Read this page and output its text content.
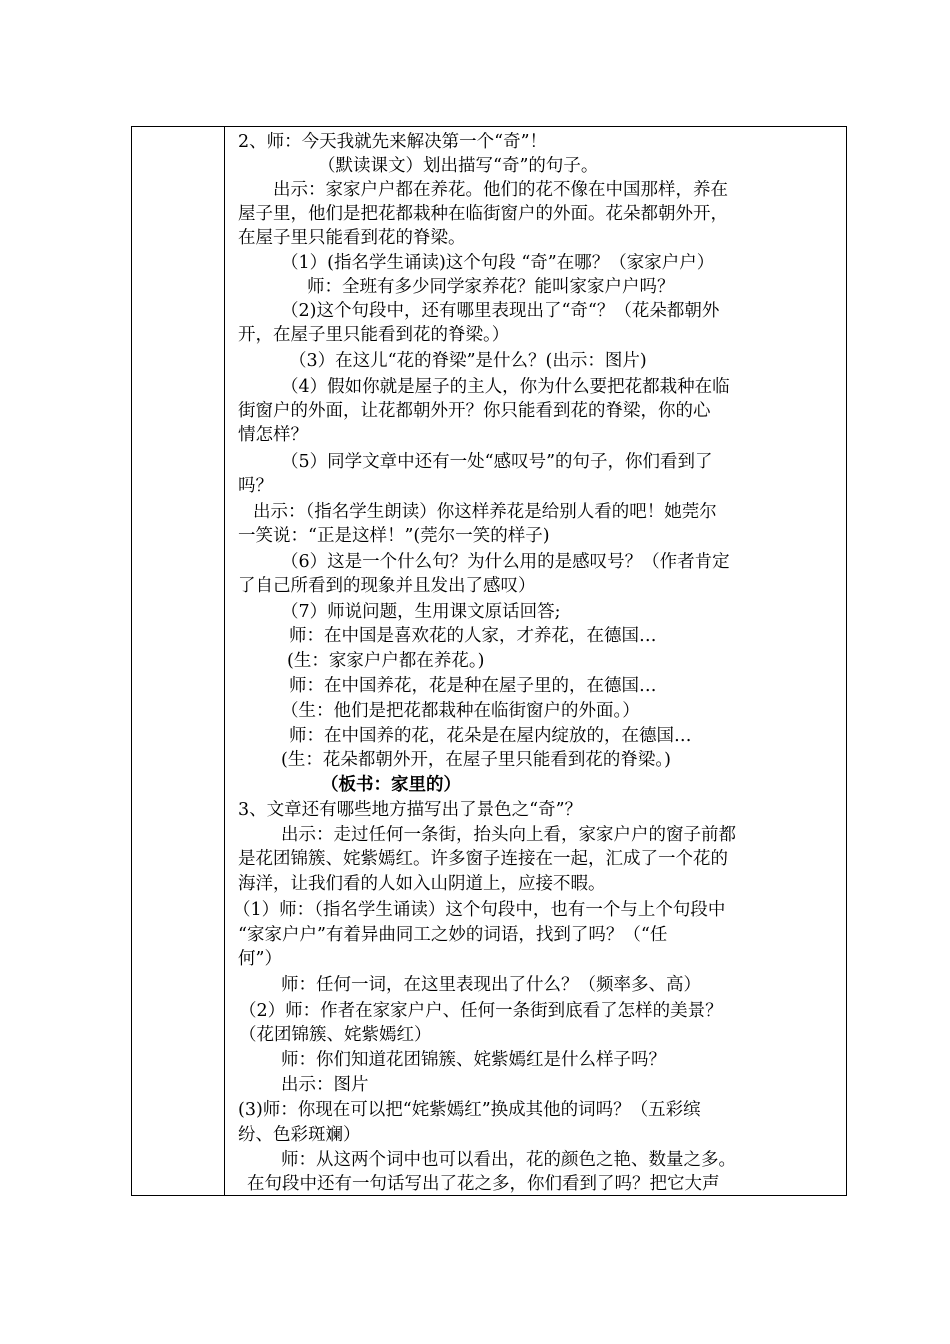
2、师：今天我就先来解决第一个“奇”！
（默读课文）划出描写“奇”的句子。
出示：家家户户都在养花。他们的花不像在中国那样，养在
屋子里，他们是把花都栽种在临街窗户的外面。花朵都朝外开，
在屋子里只能看到花的脊梁。
（1）(指名学生诵读)这个句段 “奇”在哪？（家家户户）
师：全班有多少同学家养花？能叫家家户户吗？
（2)这个句段中，还有哪里表现出了“奇“？（花朵都朝外
开，在屋子里只能看到花的脊梁。）
（3）在这儿“花的脊梁”是什么？(出示：图片)
（4）假如你就是屋子的主人，你为什么要把花都栽种在临
街窗户的外面，让花都朝外开？你只能看到花的脊梁，你的心
情怎样？
（5）同学文章中还有一处“感叹号”的句子，你们看到了
吗？
出示：（指名学生朗读）你这样养花是给别人看的吧！她莞尔
一笑说：“正是这样！”(莞尔一笑的样子)
（6）这是一个什么句？为什么用的是感叹号？（作者肯定
了自己所看到的现象并且发出了感叹）
（7）师说问题，生用课文原话回答;
师：在中国是喜欢花的人家，才养花，在德国…
(生：家家户户都在养花。)
师：在中国养花，花是种在屋子里的，在德国…
（生：他们是把花都栽种在临街窗户的外面。）
师：在中国养的花，花朵是在屋内绽放的，在德国…
(生：花朵都朝外开，在屋子里只能看到花的脊梁。)
（板书：家里的）
3、文章还有哪些地方描写出了景色之“奇”？
出示：走过任何一条街，抬头向上看，家家户户的窗子前都
是花团锦簇、姹紫嫣红。许多窗子连接在一起，汇成了一个花的
海洋，让我们看的人如入山阴道上，应接不暇。
（1）师：（指名学生诵读）这个句段中，也有一个与上个句段中
“家家户户”有着异曲同工之妙的词语，找到了吗？（“任
何”）
师：任何一词，在这里表现出了什么？（频率多、高）
（2）师：作者在家家户户、任何一条街到底看了怎样的美景？
（花团锦簇、姹紫嫣红）
师：你们知道花团锦簇、姹紫嫣红是什么样子吗？
出示：图片
(3)师：你现在可以把“姹紫嫣红”换成其他的词吗？（五彩缤
纷、色彩斑斓）
师：从这两个词中也可以看出，花的颜色之艳、数量之多。
在句段中还有一句话写出了花之多，你们看到了吗？把它大声
